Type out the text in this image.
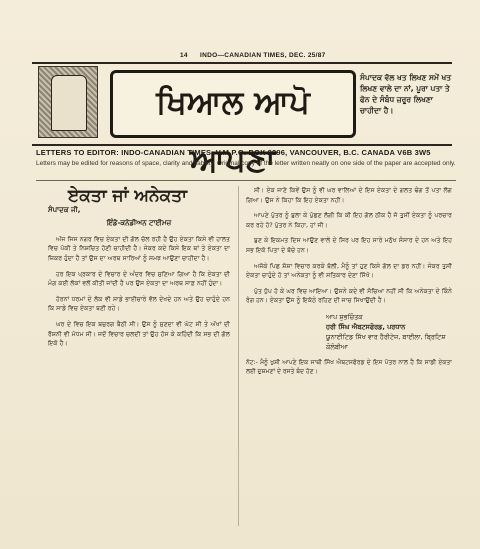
14 INDO—CANADIAN TIMES, DEC. 25/87
ਖਿਆਲ ਆਪੋ ਆਪਣਾ
ਸੰਪਾਦਕ ਵੱਲ ਖਤ ਲਿਖਣ ਸਮੇਂ ਖਤ ਲਿਖਣ ਵਾਲੇ ਦਾ ਨਾਂ, ਪੂਰਾ ਪਤਾ ਤੇ ਫੋਨ ਦੇ ਸੰਬੰਧ ਜ਼ਰੂਰ ਲਿਖਣਾ ਚਾਹੀਦਾ ਹੈ।
LETTERS TO EDITOR: INDO-CANADIAN TIMES, V.M.P.O. BOX 2296, VANCOUVER, B.C. CANADA V6B 3W5
Letters may be edited for reasons of space, clarity and liability. Original copy of the letter written neatly on one side of the paper are accepted only.
ਏਕਤਾ ਜਾਂ ਅਨੇਕਤਾ
ਸੰਪਾਦਕ ਜੀ,
ਇੰਡੋ-ਕਨੇਡੀਅਨ ਟਾਈਮਜ਼

ਅੱਜ ਜਿਸ ਨਗਰ ਵਿਚ ਏਕਤਾ ਦੀ ਗੱਲ ਚੱਲ ਰਹੀ ਹੈ ਉਹ ਏਕਤਾ ਕਿਸੇ ਵੀ ਹਾਲਤ ਵਿਚ ਪੱਕੀ ਤੇ ਨਿਸ਼ਚਿਤ ਹੋਣੀ ਚਾਹੀਦੀ ਹੈ। ਜੇਕਰ ਕਦੇ ਕਿਸੇ ਇਕ ਥਾਂ ਤੇ ਏਕਤਾ ਦਾ ਜ਼ਿਕਰ ਹੁੰਦਾ ਹੈ ਤਾਂ ਉਸ ਦਾ ਅਰਥ ਸਾਰਿਆਂ ਨੂੰ ਸਮਝ ਆਉਣਾ ਚਾਹੀਦਾ ਹੈ।

ਹਰ ਇਕ ਪ੍ਰਕਾਰ ਦੇ ਵਿਚਾਰ ਦੇ ਅੰਦਰ ਵਿਚ ਸੁਣਿਆ ਗਿਆ ਹੈ ਕਿ ਏਕਤਾ ਦੀ ਮੰਗ ਕਈ ਲੋਕਾਂ ਵਲੋਂ ਕੀਤੀ ਜਾਂਦੀ ਹੈ ਪਰ ਉਸ ਏਕਤਾ ਦਾ ਅਰਥ ਸਾਫ਼ ਨਹੀਂ ਹੁੰਦਾ।

ਹੋਰਨਾਂ ਧਰਮਾਂ ਦੇ ਲੋਕ ਵੀ ਸਾਡੇ ਭਾਈਚਾਰੇ ਵੱਲ ਦੇਖਦੇ ਹਨ ਅਤੇ ਉਹ ਚਾਹੁੰਦੇ ਹਨ ਕਿ ਸਾਡੇ ਵਿਚ ਏਕਤਾ ਬਣੀ ਰਹੇ।

ਘਰ ਦੇ ਵਿਚ ਇਕ ਬਜ਼ੁਰਗ ਬੈਠੀ ਸੀ। ਉਸ ਨੂੰ ਸੁਣਦਾ ਵੀ ਘੱਟ ਸੀ ਤੇ ਅੱਖਾਂ ਦੀ ਰੌਸ਼ਨੀ ਵੀ ਮੱਧਮ ਸੀ। ਜਦੋਂ ਵਿਚਾਰ ਚਲਦੀ ਤਾਂ ਉਹ ਹੱਸ ਕੇ ਕਹਿੰਦੀ ਕਿ ਸਭ ਦੀ ਗੱਲ ਇਕੋ ਹੈ।

ਸੀ। ਏਕ ਜਾਣੋ ਕਿਵੇਂ ਉਸ ਨੂੰ ਵੀ ਘਰ ਵਾਲਿਆਂ ਦੇ ਇਸ ਏਕਤਾ ਦੇ ਗਲਤ ਢੰਗ ਤੋਂ ਪਤਾ ਲੱਗ ਗਿਆ। ਉਸ ਨੇ ਕਿਹਾ ਕਿ ਇਹ ਏਕਤਾ ਨਹੀਂ।

ਆਪਣੇ ਪੁੱਤਰ ਨੂੰ ਬੁਲਾ ਕੇ ਪੁੱਛਣ ਲੱਗੀ ਕਿ ਕੀ ਇਹ ਗੱਲ ਠੀਕ ਹੈ ਜੋ ਤੁਸੀਂ ਏਕਤਾ ਨੂੰ ਪਰਚਾਰ ਕਰ ਰਹੇ ਹੋ? ਪੁੱਤਰ ਨੇ ਕਿਹਾ, ਹਾਂ ਜੀ।

ਬੁਣ ਕੇ ਇਕਮਤ ਦਿਸ ਆਉਣ ਵਾਲੇ ਦੇ ਸਿਰ ਪਰ ਇਹ ਸਾਰੇ ਮਨੁੱਖ ਸੰਸਾਰ ਦੇ ਹਨ ਅਤੇ ਇਹ ਸਭ ਇਕੋ ਪਿਤਾ ਦੇ ਬੱਚੇ ਹਨ।

ਅਜੋਕੇ ਪਿਛ ਸ਼ੋਸ਼ਾ ਵਿਚਾਰ ਕਰਕੇ ਬੋਲੀ, ਮੈਨੂੰ ਤਾਂ ਹੁਣ ਕਿਸੇ ਗੱਲ ਦਾ ਡਰ ਨਹੀਂ। ਜੇਕਰ ਤੁਸੀਂ ਏਕਤਾ ਚਾਹੁੰਦੇ ਹੋ ਤਾਂ ਅਨੇਕਤਾ ਨੂੰ ਵੀ ਸਤਿਕਾਰ ਦੇਣਾ ਸਿੱਖੋ।

ਪੁੱਤ ਧੁੱਪ ਹੋ ਕੇ ਘਰ ਵਿਚ ਆਇਆ। ਉਸਨੇ ਕਦੇ ਵੀ ਸੋਚਿਆ ਨਹੀਂ ਸੀ ਕਿ ਅਨੇਕਤਾ ਦੇ ਕਿੰਨੇ ਰੰਗ ਹਨ। ਏਕਤਾ ਉਸ ਨੂੰ ਇਕੱਠੇ ਰਹਿਣ ਦੀ ਜਾਚ ਸਿਖਾਉਂਦੀ ਹੈ।

ਆਪ ਸ਼ੁਭਚਿੰਤਕ
ਹਰੀ ਸਿੰਘ ਐਬਟਸਫੋਰਡ, ਪਰਧਾਨ
ਯੂਨਾਈਟਿਡ ਸਿੱਖ ਵਾਰ ਹੈਰੀਟੇਜ, ਬਾਈਲਾ, ਬ੍ਰਿਟਿਸ਼ ਕੋਲੰਬੀਆ

ਨੋਟ:- ਮੈਨੂੰ ਖੁਸ਼ੀ ਆਪਣੇ ਇਕ ਸਾਥੀ ਸਿੱਖ ਐਬਟਸਫੋਰਡ ਦੇ ਇਸ ਪੱਤਰ ਨਾਲ ਹੈ ਕਿ ਸਾਡੀ ਏਕਤਾ ਲਈ ਦੁਸ਼ਮਣਾਂ ਦੇ ਰਸਤੇ ਬੰਦ ਹੋਣ।
